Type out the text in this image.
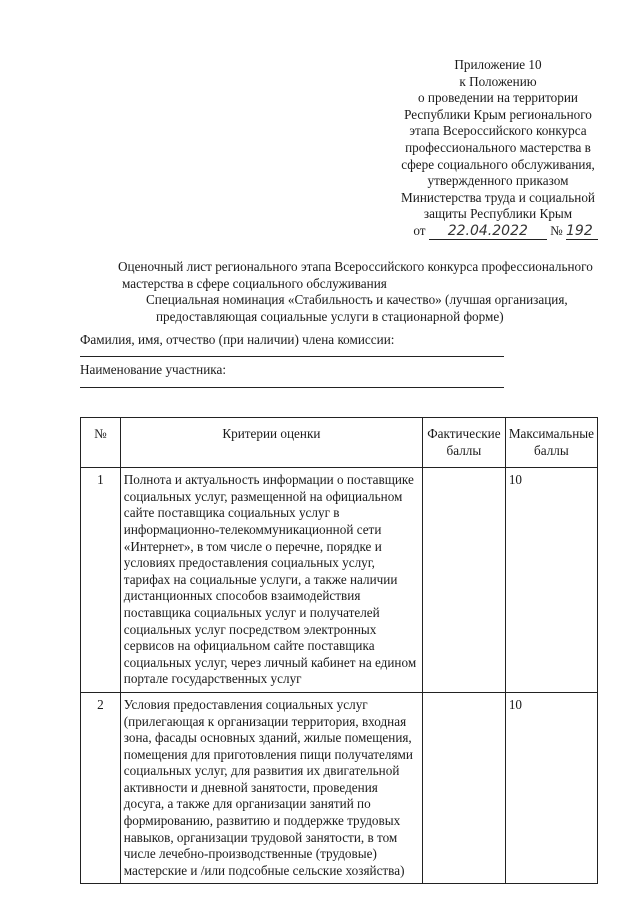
Приложение 10
к Положению
о проведении на территории
Республики Крым регионального
этапа Всероссийского конкурса
профессионального мастерства в
сфере социального обслуживания,
утвержденного приказом
Министерства труда и социальной
защиты Республики Крым
от 22.04.2022 № 192
Оценочный лист регионального этапа Всероссийского конкурса профессионального
мастерства в сфере социального обслуживания
Специальная номинация «Стабильность и качество» (лучшая организация,
предоставляющая социальные услуги в стационарной форме)
Фамилия, имя, отчество (при наличии) члена комиссии:
Наименование участника:
№	Критерии оценки	Фактические баллы	Максимальные баллы
1	Полнота и актуальность информации о поставщике социальных услуг, размещенной на официальном сайте поставщика социальных услуг в информационно-телекоммуникационной сети «Интернет», в том числе о перечне, порядке и условиях предоставления социальных услуг, тарифах на социальные услуги, а также наличии дистанционных способов взаимодействия поставщика социальных услуг и получателей социальных услуг посредством электронных сервисов на официальном сайте поставщика социальных услуг, через личный кабинет на едином портале государственных услуг		10
2	Условия предоставления социальных услуг (прилегающая к организации территория, входная зона, фасады основных зданий, жилые помещения, помещения для приготовления пищи получателями социальных услуг, для развития их двигательной активности и дневной занятости, проведения досуга, а также для организации занятий по формированию, развитию и поддержке трудовых навыков, организации трудовой занятости, в том числе лечебно-производственные (трудовые) мастерские и /или подсобные сельские хозяйства)		10
